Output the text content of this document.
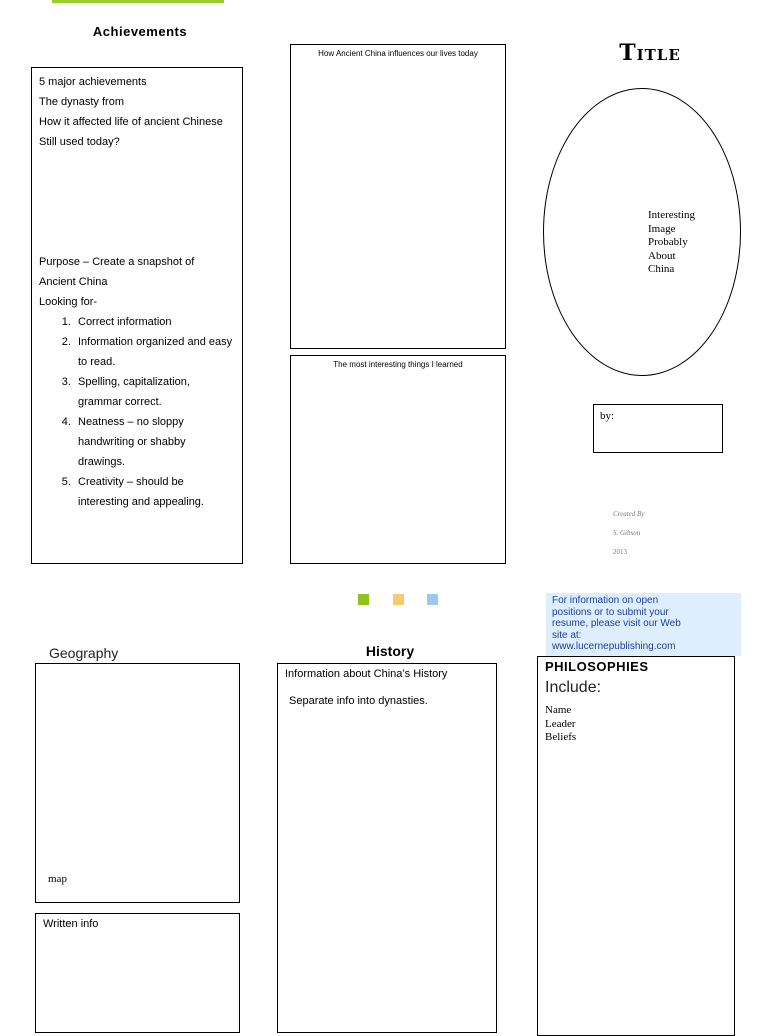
Achievements
5 major achievements
The dynasty from
How it affected life of ancient Chinese
Still used today?
Purpose – Create a snapshot of
Ancient China
Looking for-
1. Correct information
2. Information organized and easy to read.
3. Spelling, capitalization, grammar correct.
4. Neatness – no sloppy handwriting or shabby drawings.
5. Creativity – should be interesting and appealing.
How Ancient China influences our lives today
The most interesting things I learned
Title
Interesting
Image
Probably
About
China
by:
Created By
S. Gibson
2013
For information on open
positions or to submit your
resume, please visit our Web
site at:
www.lucernepublishing.com
Geography
map
Written info
History
Information about China’s History
Separate info into dynasties.
PHILOSOPHIES
Include:
Name
Leader
Beliefs
